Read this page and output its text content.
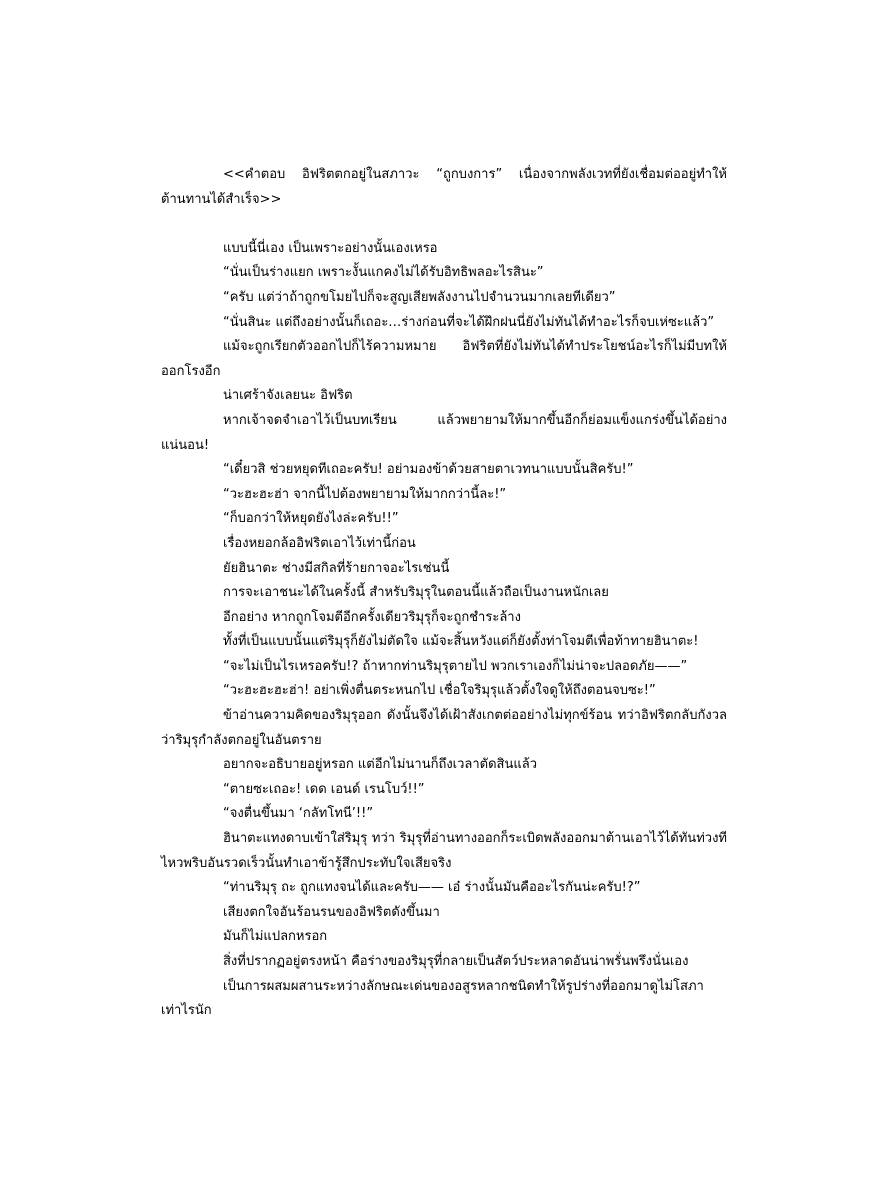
<<คำตอบ อิฟริตตกอยู่ในสภาวะ “ถูกบงการ” เนื่องจากพลังเวทที่ยังเชื่อมต่ออยู่ทำให้ต้านทานได้สำเร็จ>>

แบบนี้นี่เอง เป็นเพราะอย่างนั้นเองเหรอ

“นั่นเป็นร่างแยก เพราะงั้นแกคงไม่ได้รับอิทธิพลอะไรสินะ”

“ครับ แต่ว่าถ้าถูกขโมยไปก็จะสูญเสียพลังงานไปจำนวนมากเลยทีเดียว”

“นั่นสินะ แต่ถึงอย่างนั้นก็เถอะ…ร่างก่อนที่จะได้ฝึกฝนนี่ยังไม่ทันได้ทำอะไรก็จบเห่ซะแล้ว”

แม้จะถูกเรียกตัวออกไปก็ไร้ความหมาย อิฟริตที่ยังไม่ทันได้ทำประโยชน์อะไรก็ไม่มีบทให้ออกโรงอีก

น่าเศร้าจังเลยนะ อิฟริต

หากเจ้าจดจำเอาไว้เป็นบทเรียน แล้วพยายามให้มากขึ้นอีกก็ย่อมแข็งแกร่งขึ้นได้อย่างแน่นอน!

“เดี๋ยวสิ ช่วยหยุดทีเถอะครับ! อย่ามองข้าด้วยสายตาเวทนาแบบนั้นสิครับ!”

“วะฮะฮะฮ่า จากนี้ไปต้องพยายามให้มากกว่านี้ละ!”

“ก็บอกว่าให้หยุดยังไงล่ะครับ!!”

เรื่องหยอกล้ออิฟริตเอาไว้เท่านี้ก่อน

ยัยฮินาตะ ช่างมีสกิลที่ร้ายกาจอะไรเช่นนี้

การจะเอาชนะได้ในครั้งนี้ สำหรับริมุรุในตอนนี้แล้วถือเป็นงานหนักเลย

อีกอย่าง หากถูกโจมตีอีกครั้งเดียวริมุรุก็จะถูกชำระล้าง

ทั้งที่เป็นแบบนั้นแต่ริมุรุก็ยังไม่ตัดใจ แม้จะสิ้นหวังแต่ก็ยังตั้งท่าโจมตีเพื่อท้าทายฮินาตะ!

“จะไม่เป็นไรเหรอครับ!? ถ้าหากท่านริมุรุตายไป พวกเราเองก็ไม่น่าจะปลอดภัย——”

“วะฮะฮะฮะฮ่า! อย่าเพิ่งตื่นตระหนกไป เชื่อใจริมุรุแล้วตั้งใจดูให้ถึงตอนจบซะ!”

ข้าอ่านความคิดของริมุรุออก ดังนั้นจึงได้เฝ้าสังเกตต่ออย่างไม่ทุกข์ร้อน ทว่าอิฟริตกลับกังวลว่าริมุรุกำลังตกอยู่ในอันตราย

อยากจะอธิบายอยู่หรอก แต่อีกไม่นานก็ถึงเวลาตัดสินแล้ว

“ตายซะเถอะ! เดด เอนด์ เรนโบว์!!”

“จงตื่นขึ้นมา ‘กลัทโทนี’!!”

ฮินาตะแทงดาบเข้าใส่ริมุรุ ทว่า ริมุรุที่อ่านทางออกก็ระเบิดพลังออกมาต้านเอาไว้ได้ทันท่วงที ไหวพริบอันรวดเร็วนั้นทำเอาข้ารู้สึกประทับใจเสียจริง

“ท่านริมุรุ ถะ ถูกแทงจนได้และครับ—— เอ๋ ร่างนั้นมันคืออะไรกันน่ะครับ!?”

เสียงตกใจอันร้อนรนของอิฟริตดังขึ้นมา

มันก็ไม่แปลกหรอก

สิ่งที่ปรากฏอยู่ตรงหน้า คือร่างของริมุรุที่กลายเป็นสัตว์ประหลาดอันน่าพรั่นพรึงนั่นเอง

เป็นการผสมผสานระหว่างลักษณะเด่นของอสูรหลากชนิดทำให้รูปร่างที่ออกมาดูไม่โสภาเท่าไรนัก
